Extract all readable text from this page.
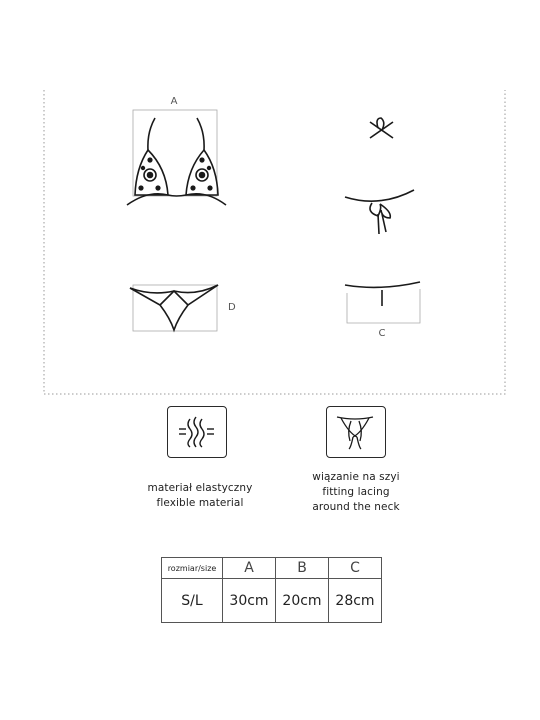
A
D
C
materiał elastyczny
flexible material
wiązanie na szyi
fitting lacing
around the neck
rozmiar/size	A	B	C
S/L	30cm	20cm	28cm
